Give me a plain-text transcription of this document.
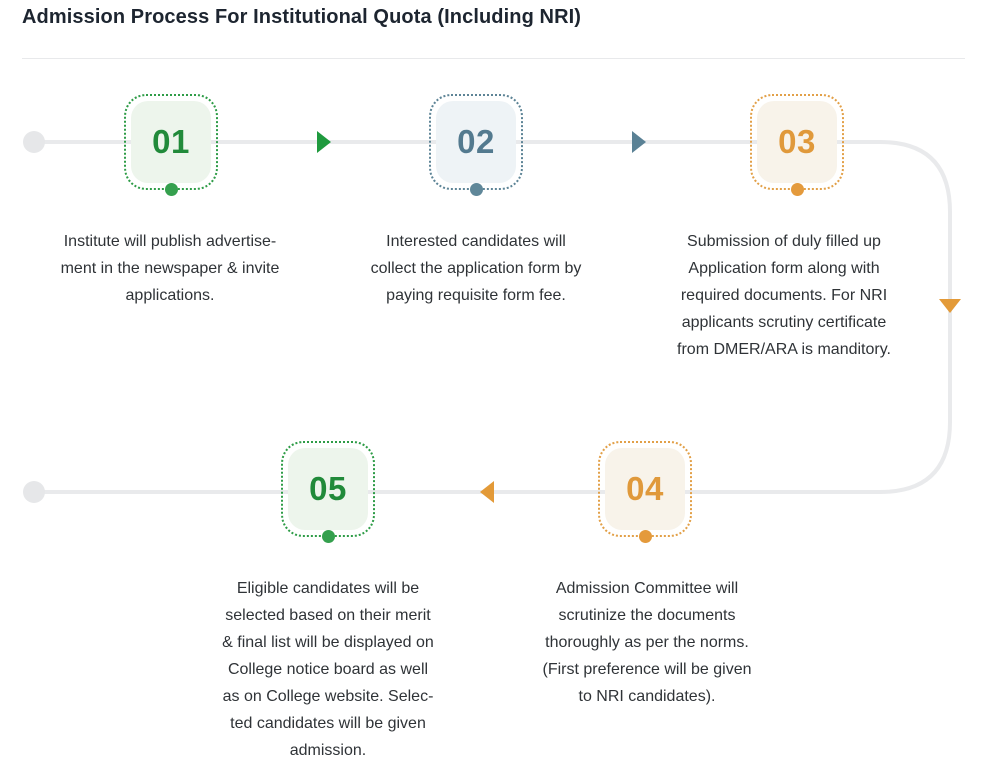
Admission Process For Institutional Quota (Including NRI)
01

Institute will publish advertise-
ment in the newspaper & invite
applications.

02

Interested candidates will
collect the application form by
paying requisite form fee.

03

Submission of duly filled up
Application form along with
required documents. For NRI
applicants scrutiny certificate
from DMER/ARA is manditory.

04

Admission Committee will
scrutinize the documents
thoroughly as per the norms.
(First preference will be given
to NRI candidates).

05

Eligible candidates will be
selected based on their merit
& final list will be displayed on
College notice board as well
as on College website. Selec-
ted candidates will be given
admission.
